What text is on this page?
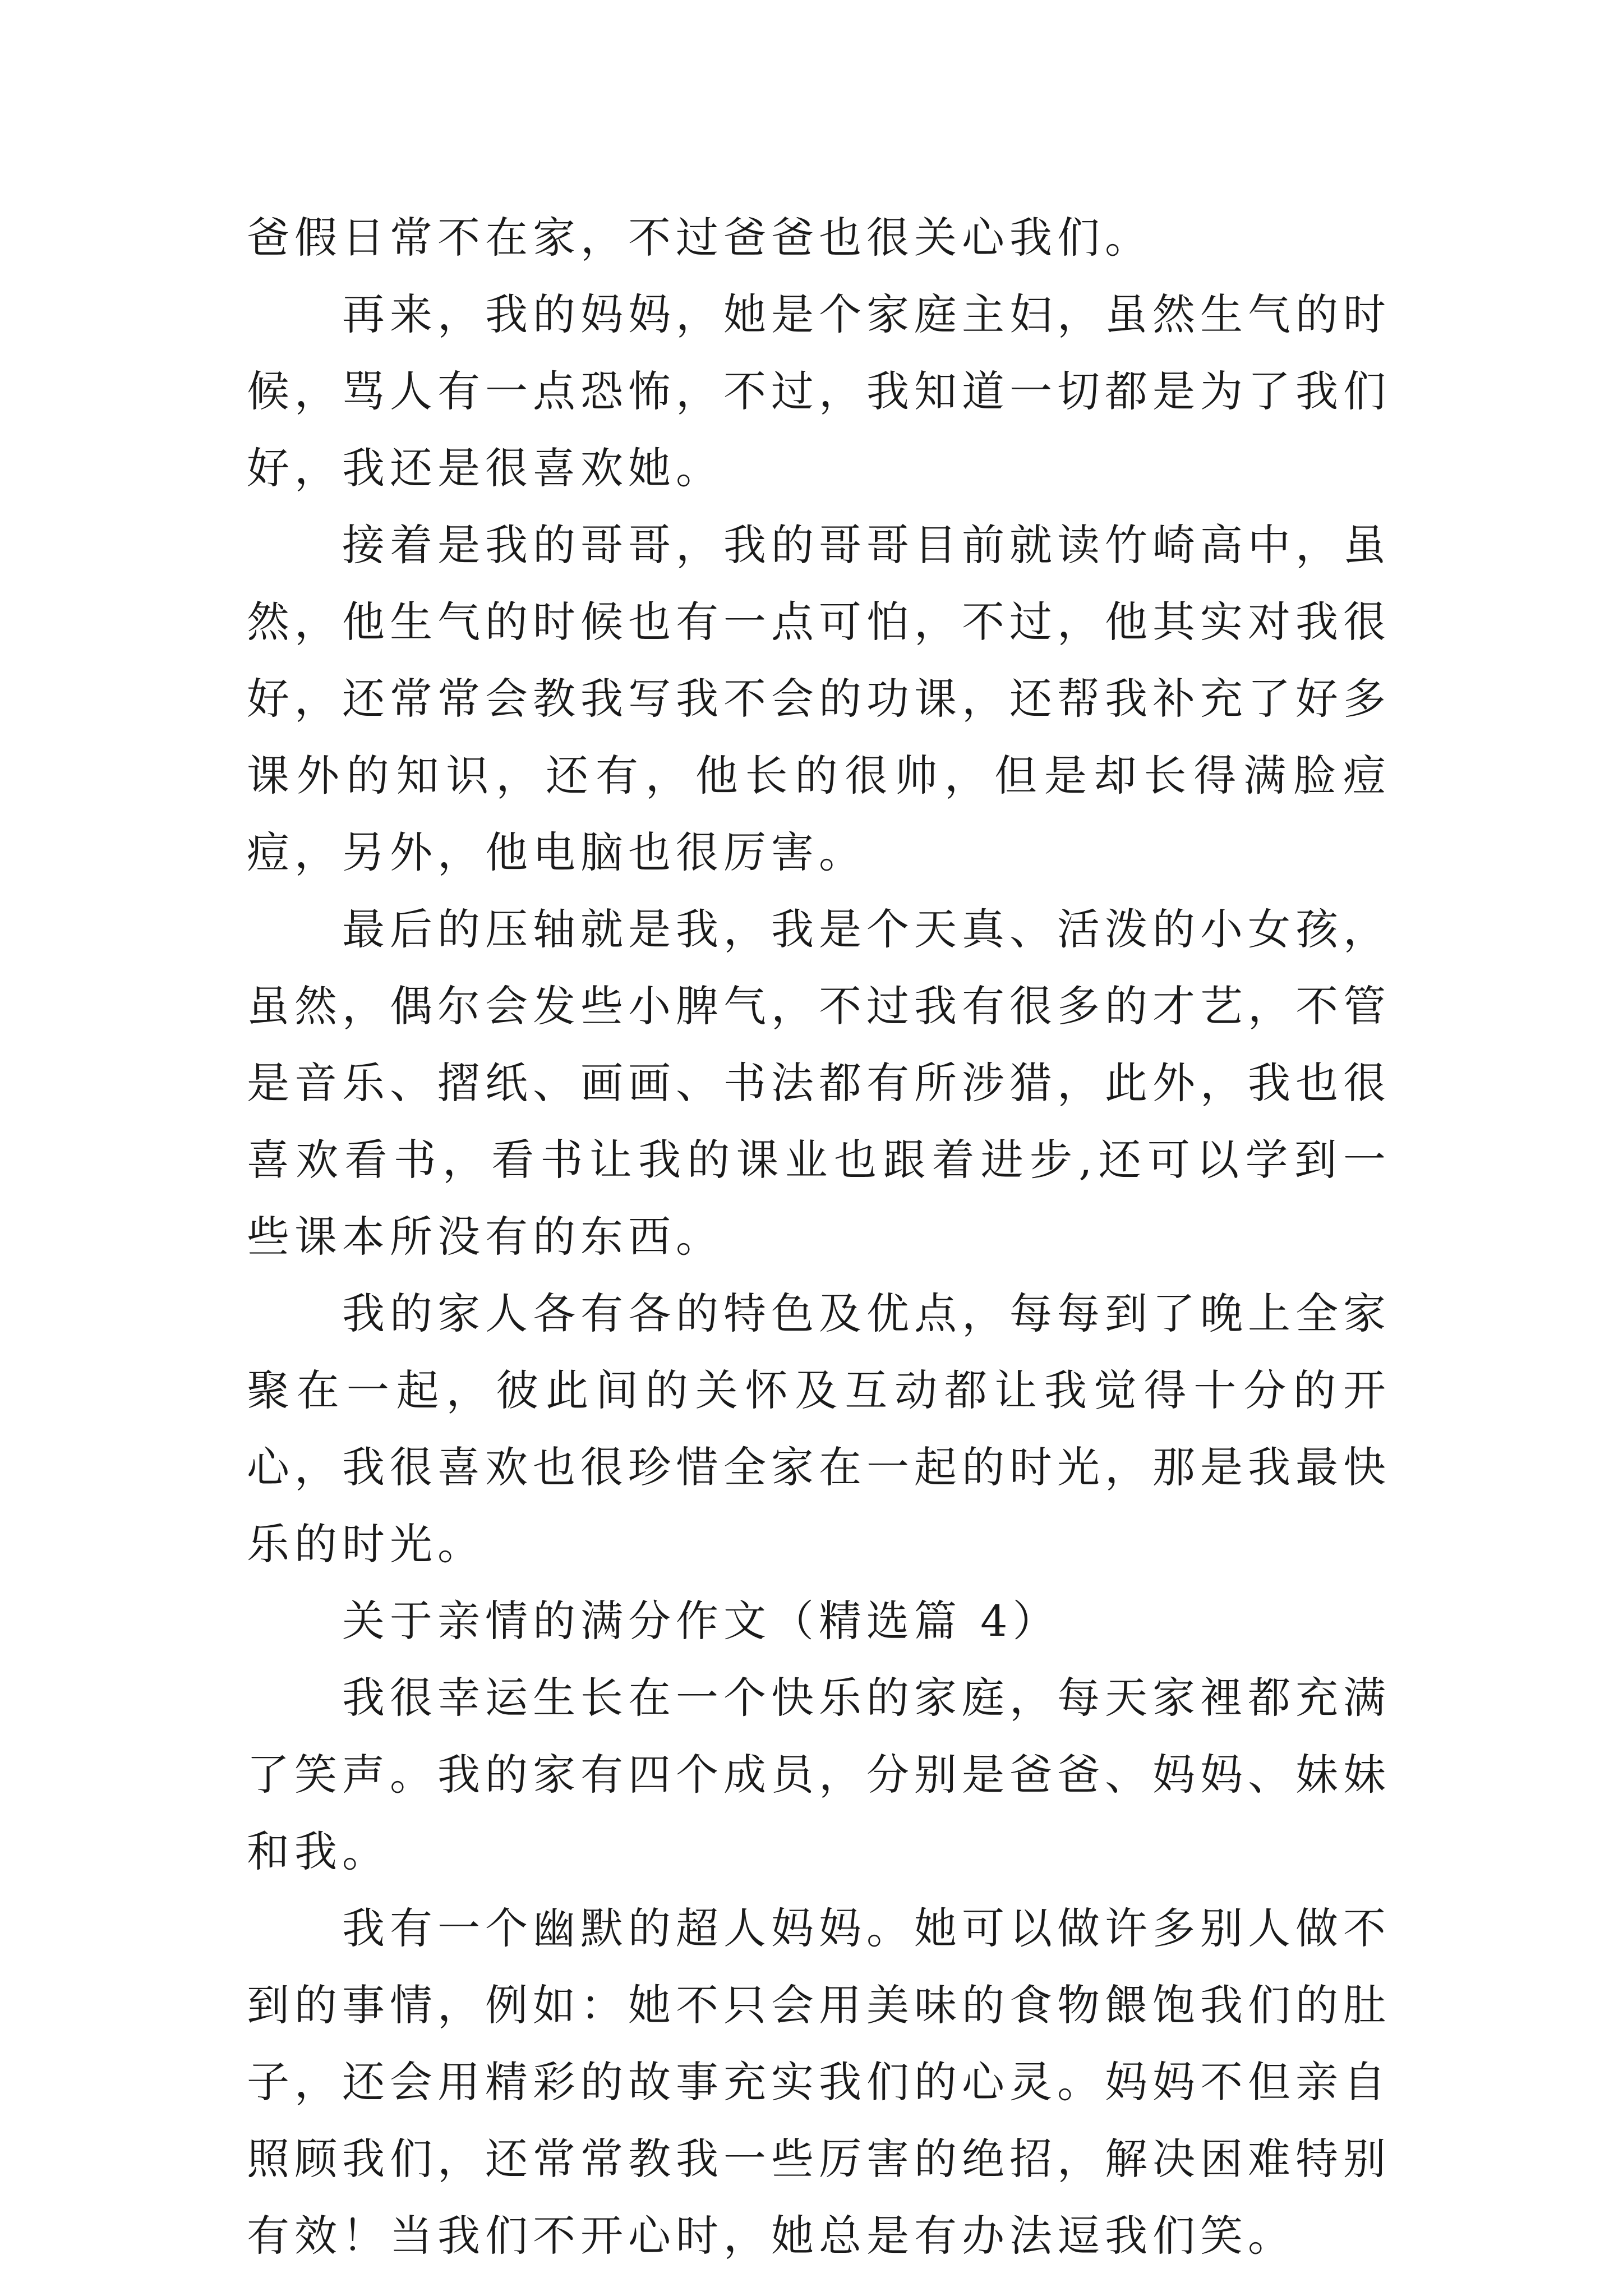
爸假日常不在家，不过爸爸也很关心我们。

再来，我的妈妈，她是个家庭主妇，虽然生气的时候，骂人有一点恐怖，不过，我知道一切都是为了我们好，我还是很喜欢她。

接着是我的哥哥，我的哥哥目前就读竹崎高中，虽然，他生气的时候也有一点可怕，不过，他其实对我很好，还常常会教我写我不会的功课，还帮我补充了好多课外的知识，还有，他长的很帅，但是却长得满脸痘痘，另外，他电脑也很厉害。

最后的压轴就是我，我是个天真、活泼的小女孩，虽然，偶尔会发些小脾气，不过我有很多的才艺，不管是音乐、摺纸、画画、书法都有所涉猎，此外，我也很喜欢看书，看书让我的课业也跟着进步,还可以学到一些课本所没有的东西。

我的家人各有各的特色及优点，每每到了晚上全家聚在一起，彼此间的关怀及互动都让我觉得十分的开心，我很喜欢也很珍惜全家在一起的时光，那是我最快乐的时光。

关于亲情的满分作文（精选篇 4）

我很幸运生长在一个快乐的家庭，每天家裡都充满了笑声。我的家有四个成员，分别是爸爸、妈妈、妹妹和我。

我有一个幽默的超人妈妈。她可以做许多别人做不到的事情，例如：她不只会用美味的食物餵饱我们的肚子，还会用精彩的故事充实我们的心灵。妈妈不但亲自照顾我们，还常常教我一些厉害的绝招，解决困难特别有效！当我们不开心时，她总是有办法逗我们笑。
